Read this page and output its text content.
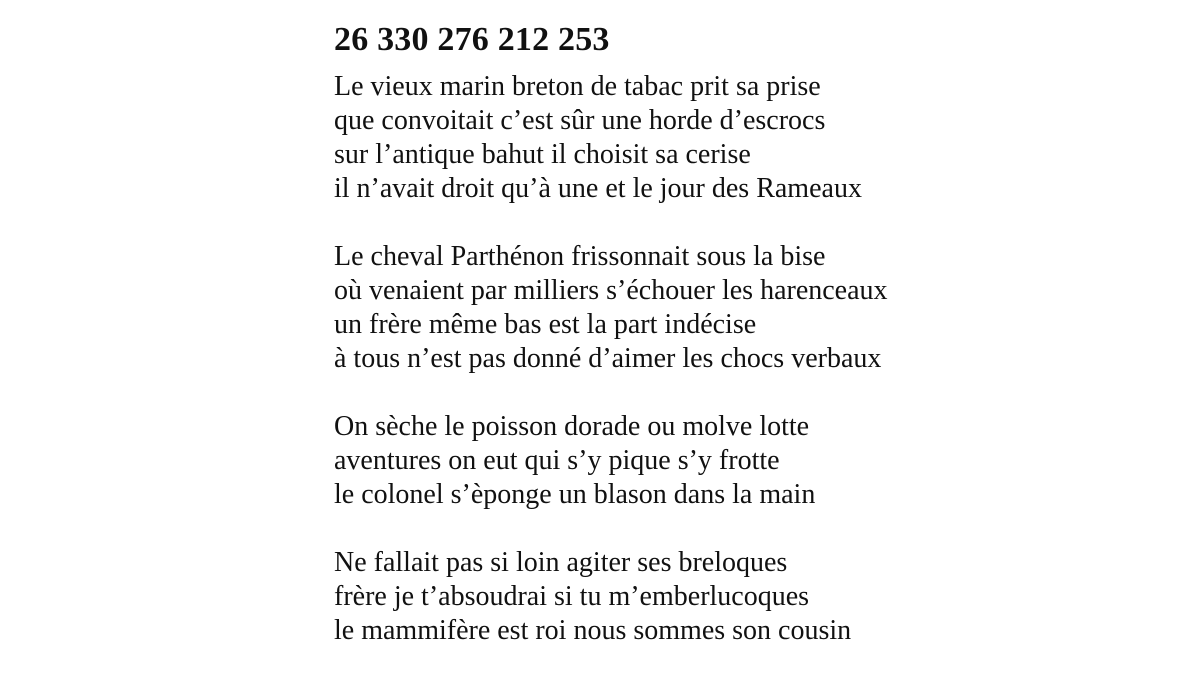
26 330 276 212 253
Le vieux marin breton de tabac prit sa prise
que convoitait c’est sûr une horde d’escrocs
sur l’antique bahut il choisit sa cerise
il n’avait droit qu’à une et le jour des Rameaux
Le cheval Parthénon frissonnait sous la bise
où venaient par milliers s’échouer les harenceaux
un frère même bas est la part indécise
à tous n’est pas donné d’aimer les chocs verbaux
On sèche le poisson dorade ou molve lotte
aventures on eut qui s’y pique s’y frotte
le colonel s’èponge un blason dans la main
Ne fallait pas si loin agiter ses breloques
frère je t’absoudrai si tu m’emberlucoques
le mammifère est roi nous sommes son cousin
